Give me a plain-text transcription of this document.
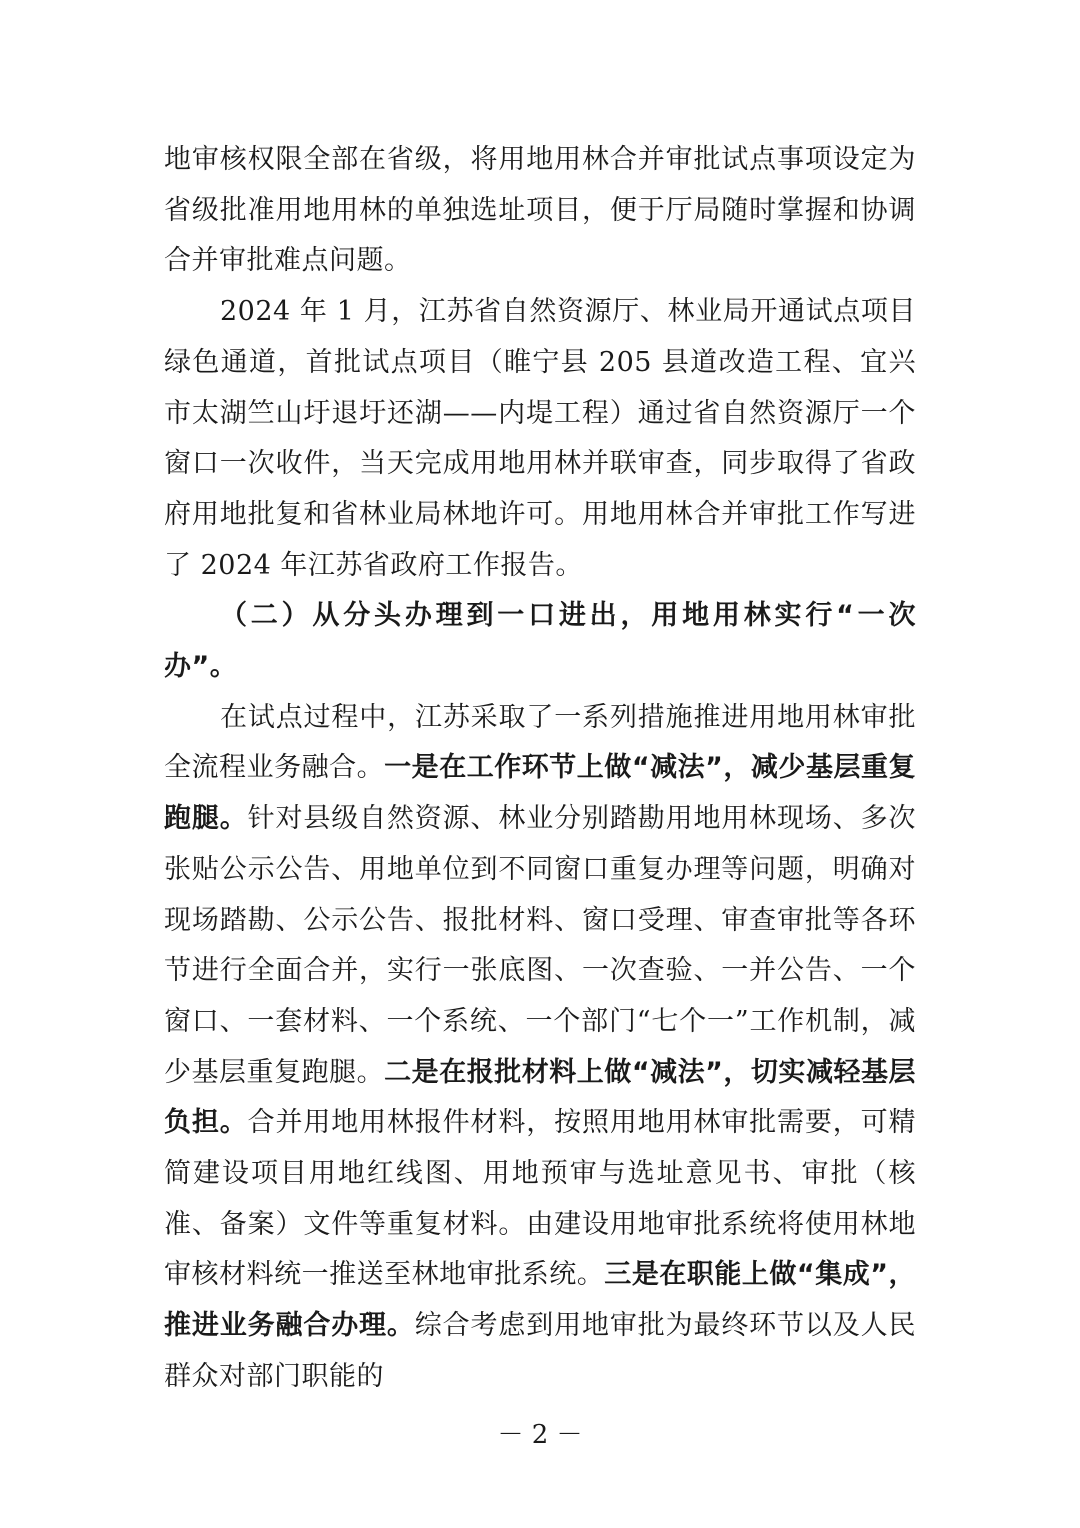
地审核权限全部在省级，将用地用林合并审批试点事项设定为省级批准用地用林的单独选址项目，便于厅局随时掌握和协调合并审批难点问题。

2024 年 1 月，江苏省自然资源厅、林业局开通试点项目绿色通道，首批试点项目（睢宁县 205 县道改造工程、宜兴市太湖竺山圩退圩还湖——内堤工程）通过省自然资源厅一个窗口一次收件，当天完成用地用林并联审查，同步取得了省政府用地批复和省林业局林地许可。用地用林合并审批工作写进了 2024 年江苏省政府工作报告。

（二）从分头办理到一口进出，用地用林实行“一次办”。

在试点过程中，江苏采取了一系列措施推进用地用林审批全流程业务融合。一是在工作环节上做“减法”，减少基层重复跑腿。针对县级自然资源、林业分别踏勘用地用林现场、多次张贴公示公告、用地单位到不同窗口重复办理等问题，明确对现场踏勘、公示公告、报批材料、窗口受理、审查审批等各环节进行全面合并，实行一张底图、一次查验、一并公告、一个窗口、一套材料、一个系统、一个部门“七个一”工作机制，减少基层重复跑腿。二是在报批材料上做“减法”，切实减轻基层负担。合并用地用林报件材料，按照用地用林审批需要，可精简建设项目用地红线图、用地预审与选址意见书、审批（核准、备案）文件等重复材料。由建设用地审批系统将使用林地审核材料统一推送至林地审批系统。三是在职能上做“集成”，推进业务融合办理。综合考虑到用地审批为最终环节以及人民群众对部门职能的

－ 2 －
